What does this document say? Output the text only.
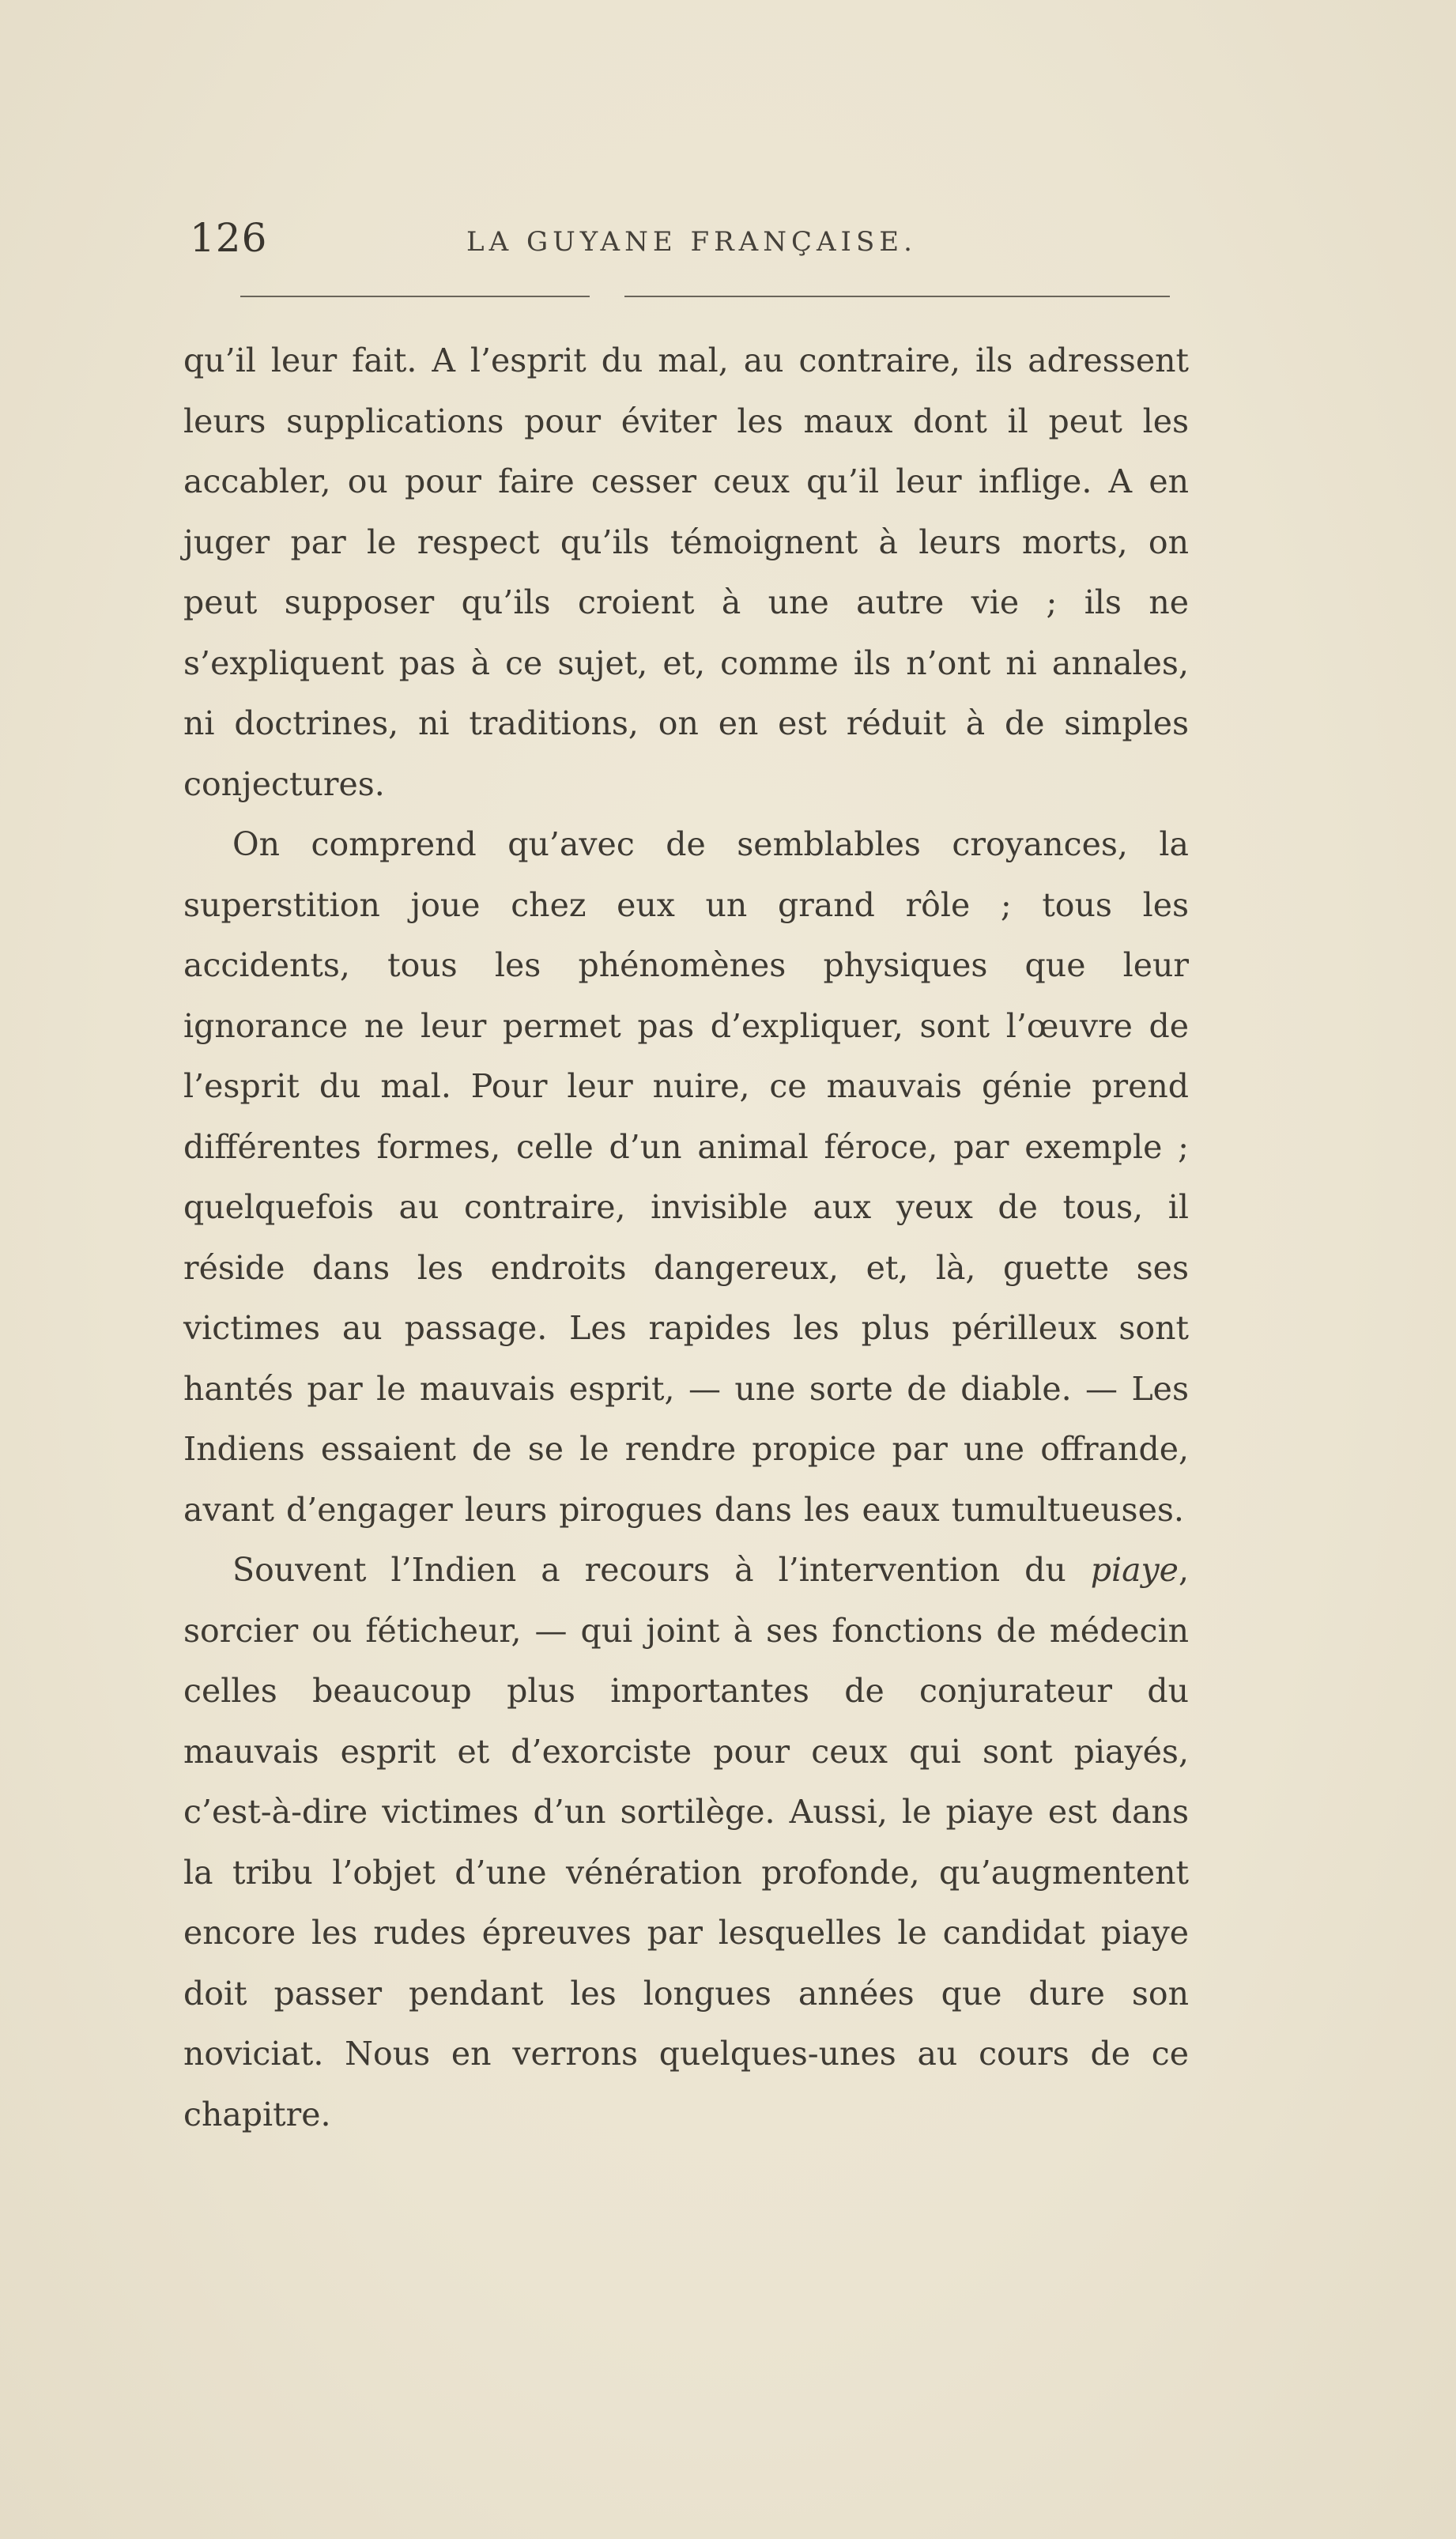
126	LA GUYANE FRANÇAISE.

qu’il leur fait. A l’esprit du mal, au contraire, ils adressent leurs supplications pour éviter les maux dont il peut les accabler, ou pour faire cesser ceux qu’il leur inflige. A en juger par le respect qu’ils témoignent à leurs morts, on peut supposer qu’ils croient à une autre vie ; ils ne s’expliquent pas à ce sujet, et, comme ils n’ont ni annales, ni doctrines, ni traditions, on en est réduit à de simples conjectures.

On comprend qu’avec de semblables croyances, la superstition joue chez eux un grand rôle ; tous les accidents, tous les phénomènes physiques que leur ignorance ne leur permet pas d’expliquer, sont l’œuvre de l’esprit du mal. Pour leur nuire, ce mauvais génie prend différentes formes, celle d’un animal féroce, par exemple ; quelquefois au contraire, invisible aux yeux de tous, il réside dans les endroits dangereux, et, là, guette ses victimes au passage. Les rapides les plus périlleux sont hantés par le mauvais esprit, — une sorte de diable. — Les Indiens essaient de se le rendre propice par une offrande, avant d’engager leurs pirogues dans les eaux tumultueuses.

Souvent l’Indien a recours à l’intervention du piaye, sorcier ou féticheur, — qui joint à ses fonctions de médecin celles beaucoup plus importantes de conjurateur du mauvais esprit et d’exorciste pour ceux qui sont piayés, c’est-à-dire victimes d’un sortilège. Aussi, le piaye est dans la tribu l’objet d’une vénération profonde, qu’augmentent encore les rudes épreuves par lesquelles le candidat piaye doit passer pendant les longues années que dure son noviciat. Nous en verrons quelques-unes au cours de ce chapitre.
